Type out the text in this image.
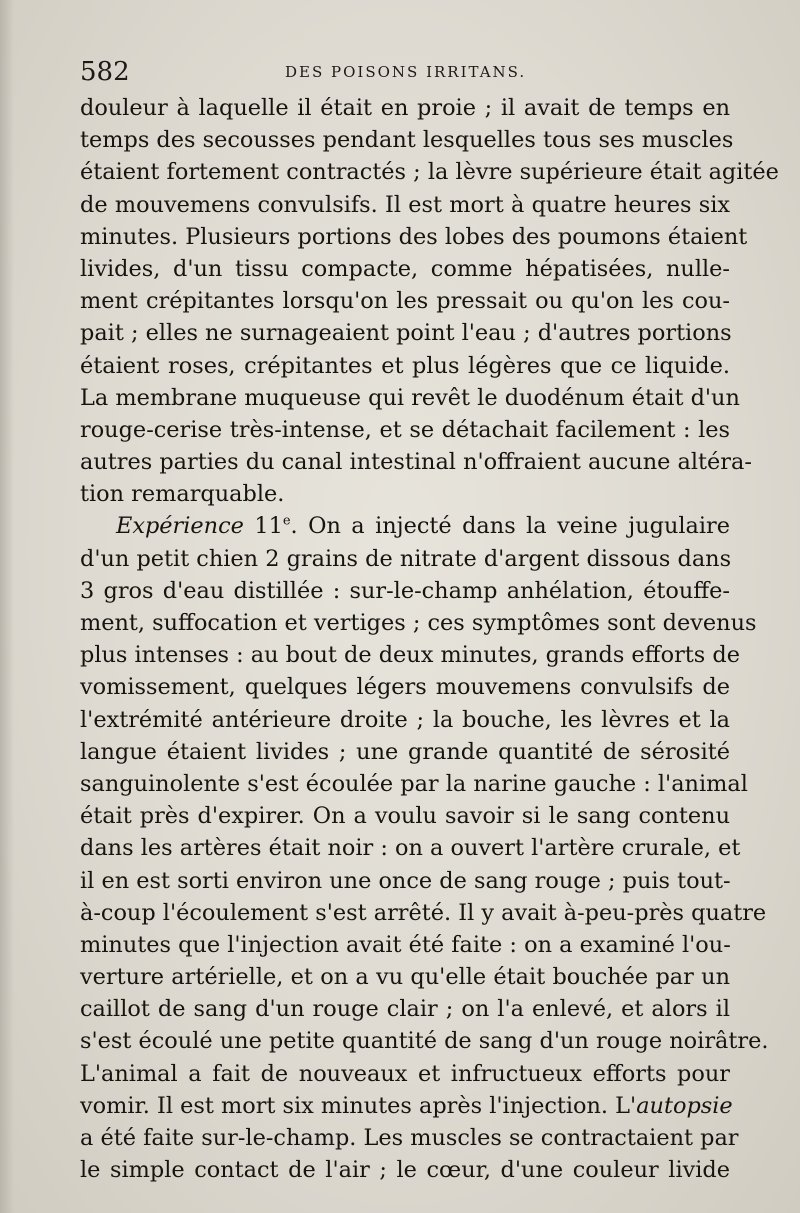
582	DES POISONS IRRITANS.
douleur à laquelle il était en proie ; il avait de temps en
temps des secousses pendant lesquelles tous ses muscles
étaient fortement contractés ; la lèvre supérieure était agitée
de mouvemens convulsifs. Il est mort à quatre heures six
minutes. Plusieurs portions des lobes des poumons étaient
livides, d'un tissu compacte, comme hépatisées, nulle-
ment crépitantes lorsqu'on les pressait ou qu'on les cou-
pait ; elles ne surnageaient point l'eau ; d'autres portions
étaient roses, crépitantes et plus légères que ce liquide.
La membrane muqueuse qui revêt le duodénum était d'un
rouge-cerise très-intense, et se détachait facilement : les
autres parties du canal intestinal n'offraient aucune altéra-
tion remarquable.
Expérience 11e. On a injecté dans la veine jugulaire
d'un petit chien 2 grains de nitrate d'argent dissous dans
3 gros d'eau distillée : sur-le-champ anhélation, étouffe-
ment, suffocation et vertiges ; ces symptômes sont devenus
plus intenses : au bout de deux minutes, grands efforts de
vomissement, quelques légers mouvemens convulsifs de
l'extrémité antérieure droite ; la bouche, les lèvres et la
langue étaient livides ; une grande quantité de sérosité
sanguinolente s'est écoulée par la narine gauche : l'animal
était près d'expirer. On a voulu savoir si le sang contenu
dans les artères était noir : on a ouvert l'artère crurale, et
il en est sorti environ une once de sang rouge ; puis tout-
à-coup l'écoulement s'est arrêté. Il y avait à-peu-près quatre
minutes que l'injection avait été faite : on a examiné l'ou-
verture artérielle, et on a vu qu'elle était bouchée par un
caillot de sang d'un rouge clair ; on l'a enlevé, et alors il
s'est écoulé une petite quantité de sang d'un rouge noirâtre.
L'animal a fait de nouveaux et infructueux efforts pour
vomir. Il est mort six minutes après l'injection. L'autopsie
a été faite sur-le-champ. Les muscles se contractaient par
le simple contact de l'air ; le cœur, d'une couleur livide
